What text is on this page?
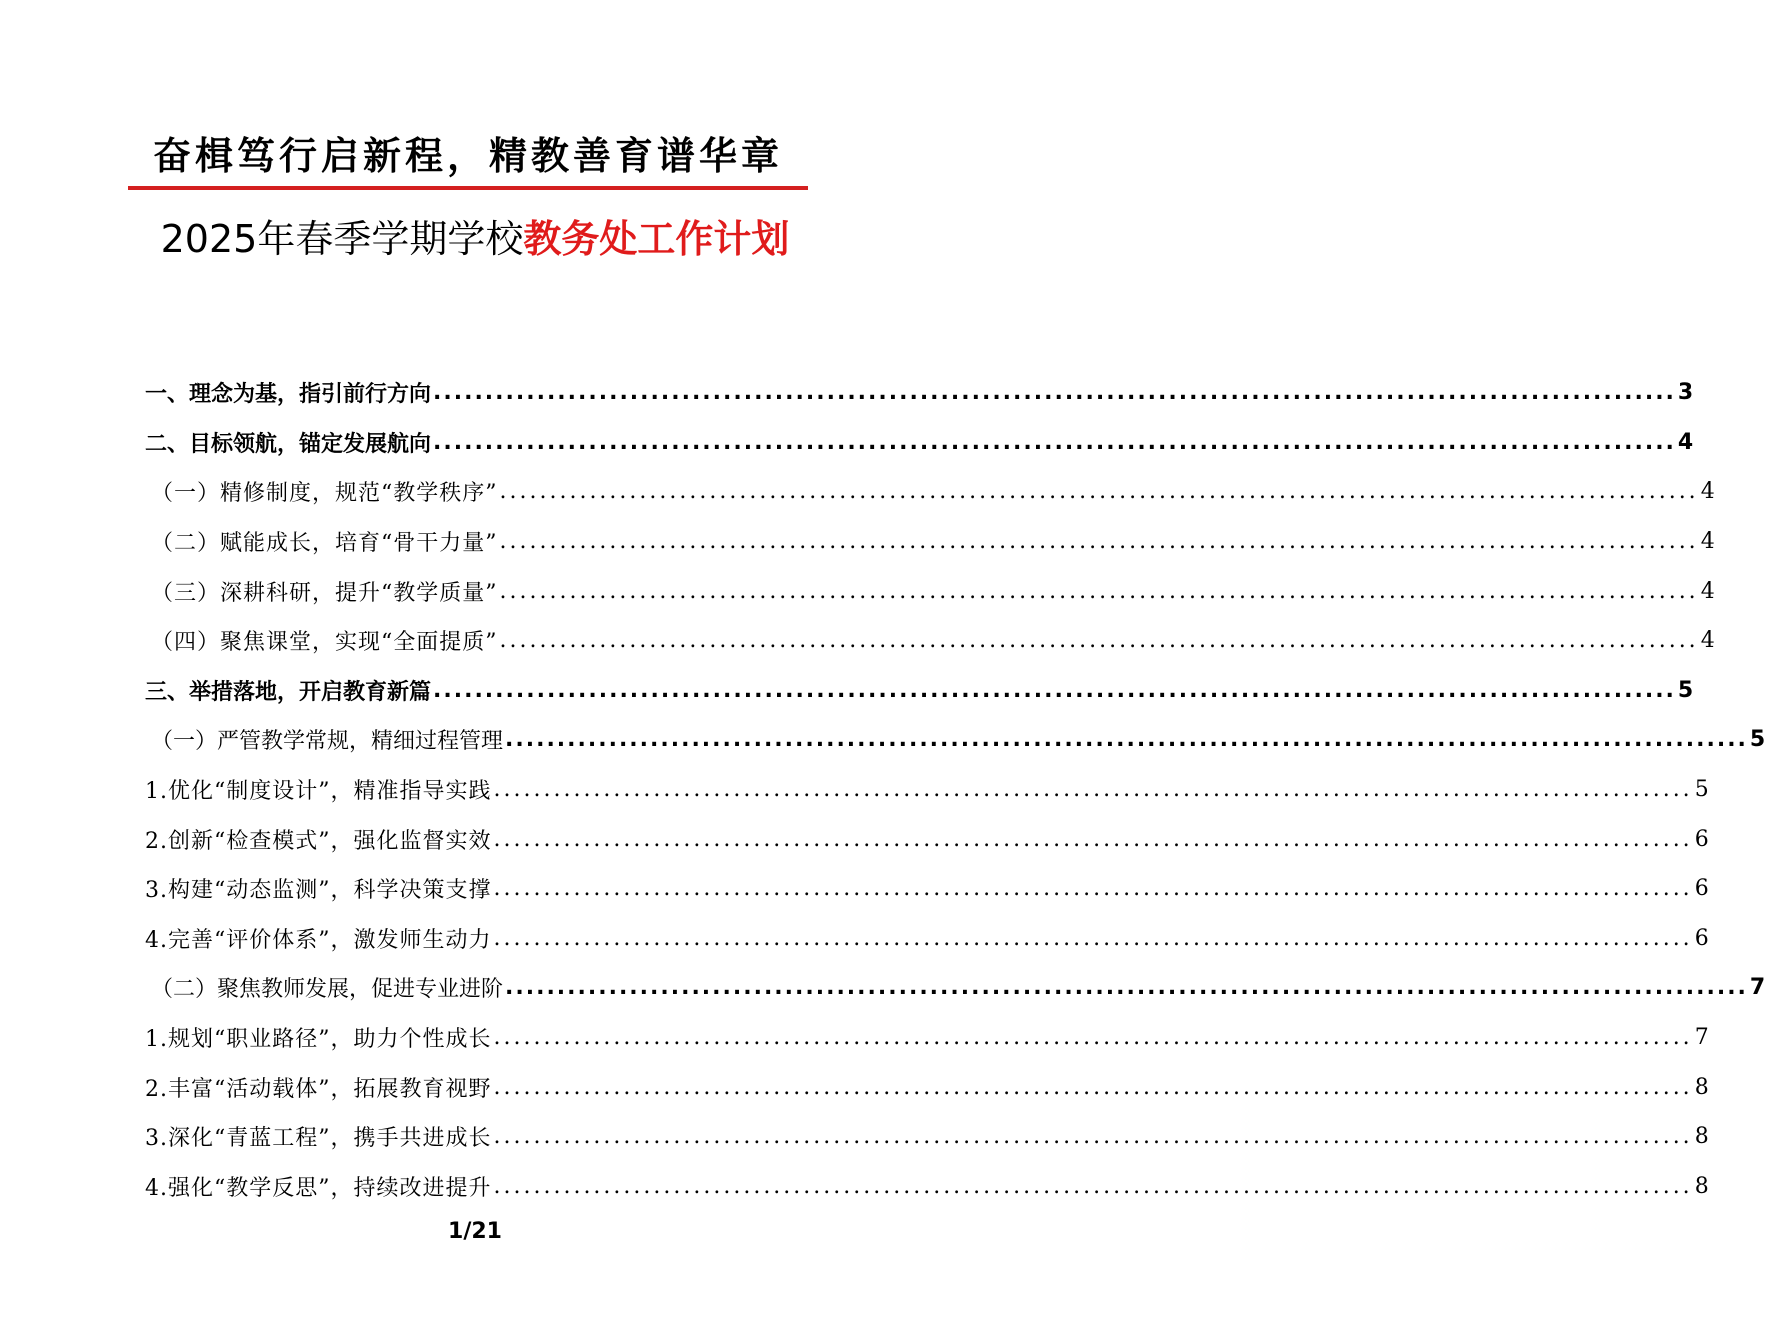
奋楫笃行启新程，精教善育谱华章
2025年春季学期学校教务处工作计划
一、理念为基，指引前行方向 ........................................................................................................................ 3
二、目标领航，锚定发展航向 ........................................................................................................................ 4
（一）精修制度，规范“教学秩序” ........................................................................................................................ 4
（二）赋能成长，培育“骨干力量” ........................................................................................................................ 4
（三）深耕科研，提升“教学质量” ........................................................................................................................ 4
（四）聚焦课堂，实现“全面提质” ........................................................................................................................ 4
三、举措落地，开启教育新篇 ........................................................................................................................ 5
（一）严管教学常规，精细过程管理 ........................................................................................................................ 5
1.优化“制度设计”，精准指导实践 ........................................................................................................................ 5
2.创新“检查模式”，强化监督实效 ........................................................................................................................ 6
3.构建“动态监测”，科学决策支撑 ........................................................................................................................ 6
4.完善“评价体系”，激发师生动力 ........................................................................................................................ 6
（二）聚焦教师发展，促进专业进阶 ........................................................................................................................ 7
1.规划“职业路径”，助力个性成长 ........................................................................................................................ 7
2.丰富“活动载体”，拓展教育视野 ........................................................................................................................ 8
3.深化“青蓝工程”，携手共进成长 ........................................................................................................................ 8
4.强化“教学反思”，持续改进提升 ........................................................................................................................ 8
1/21
